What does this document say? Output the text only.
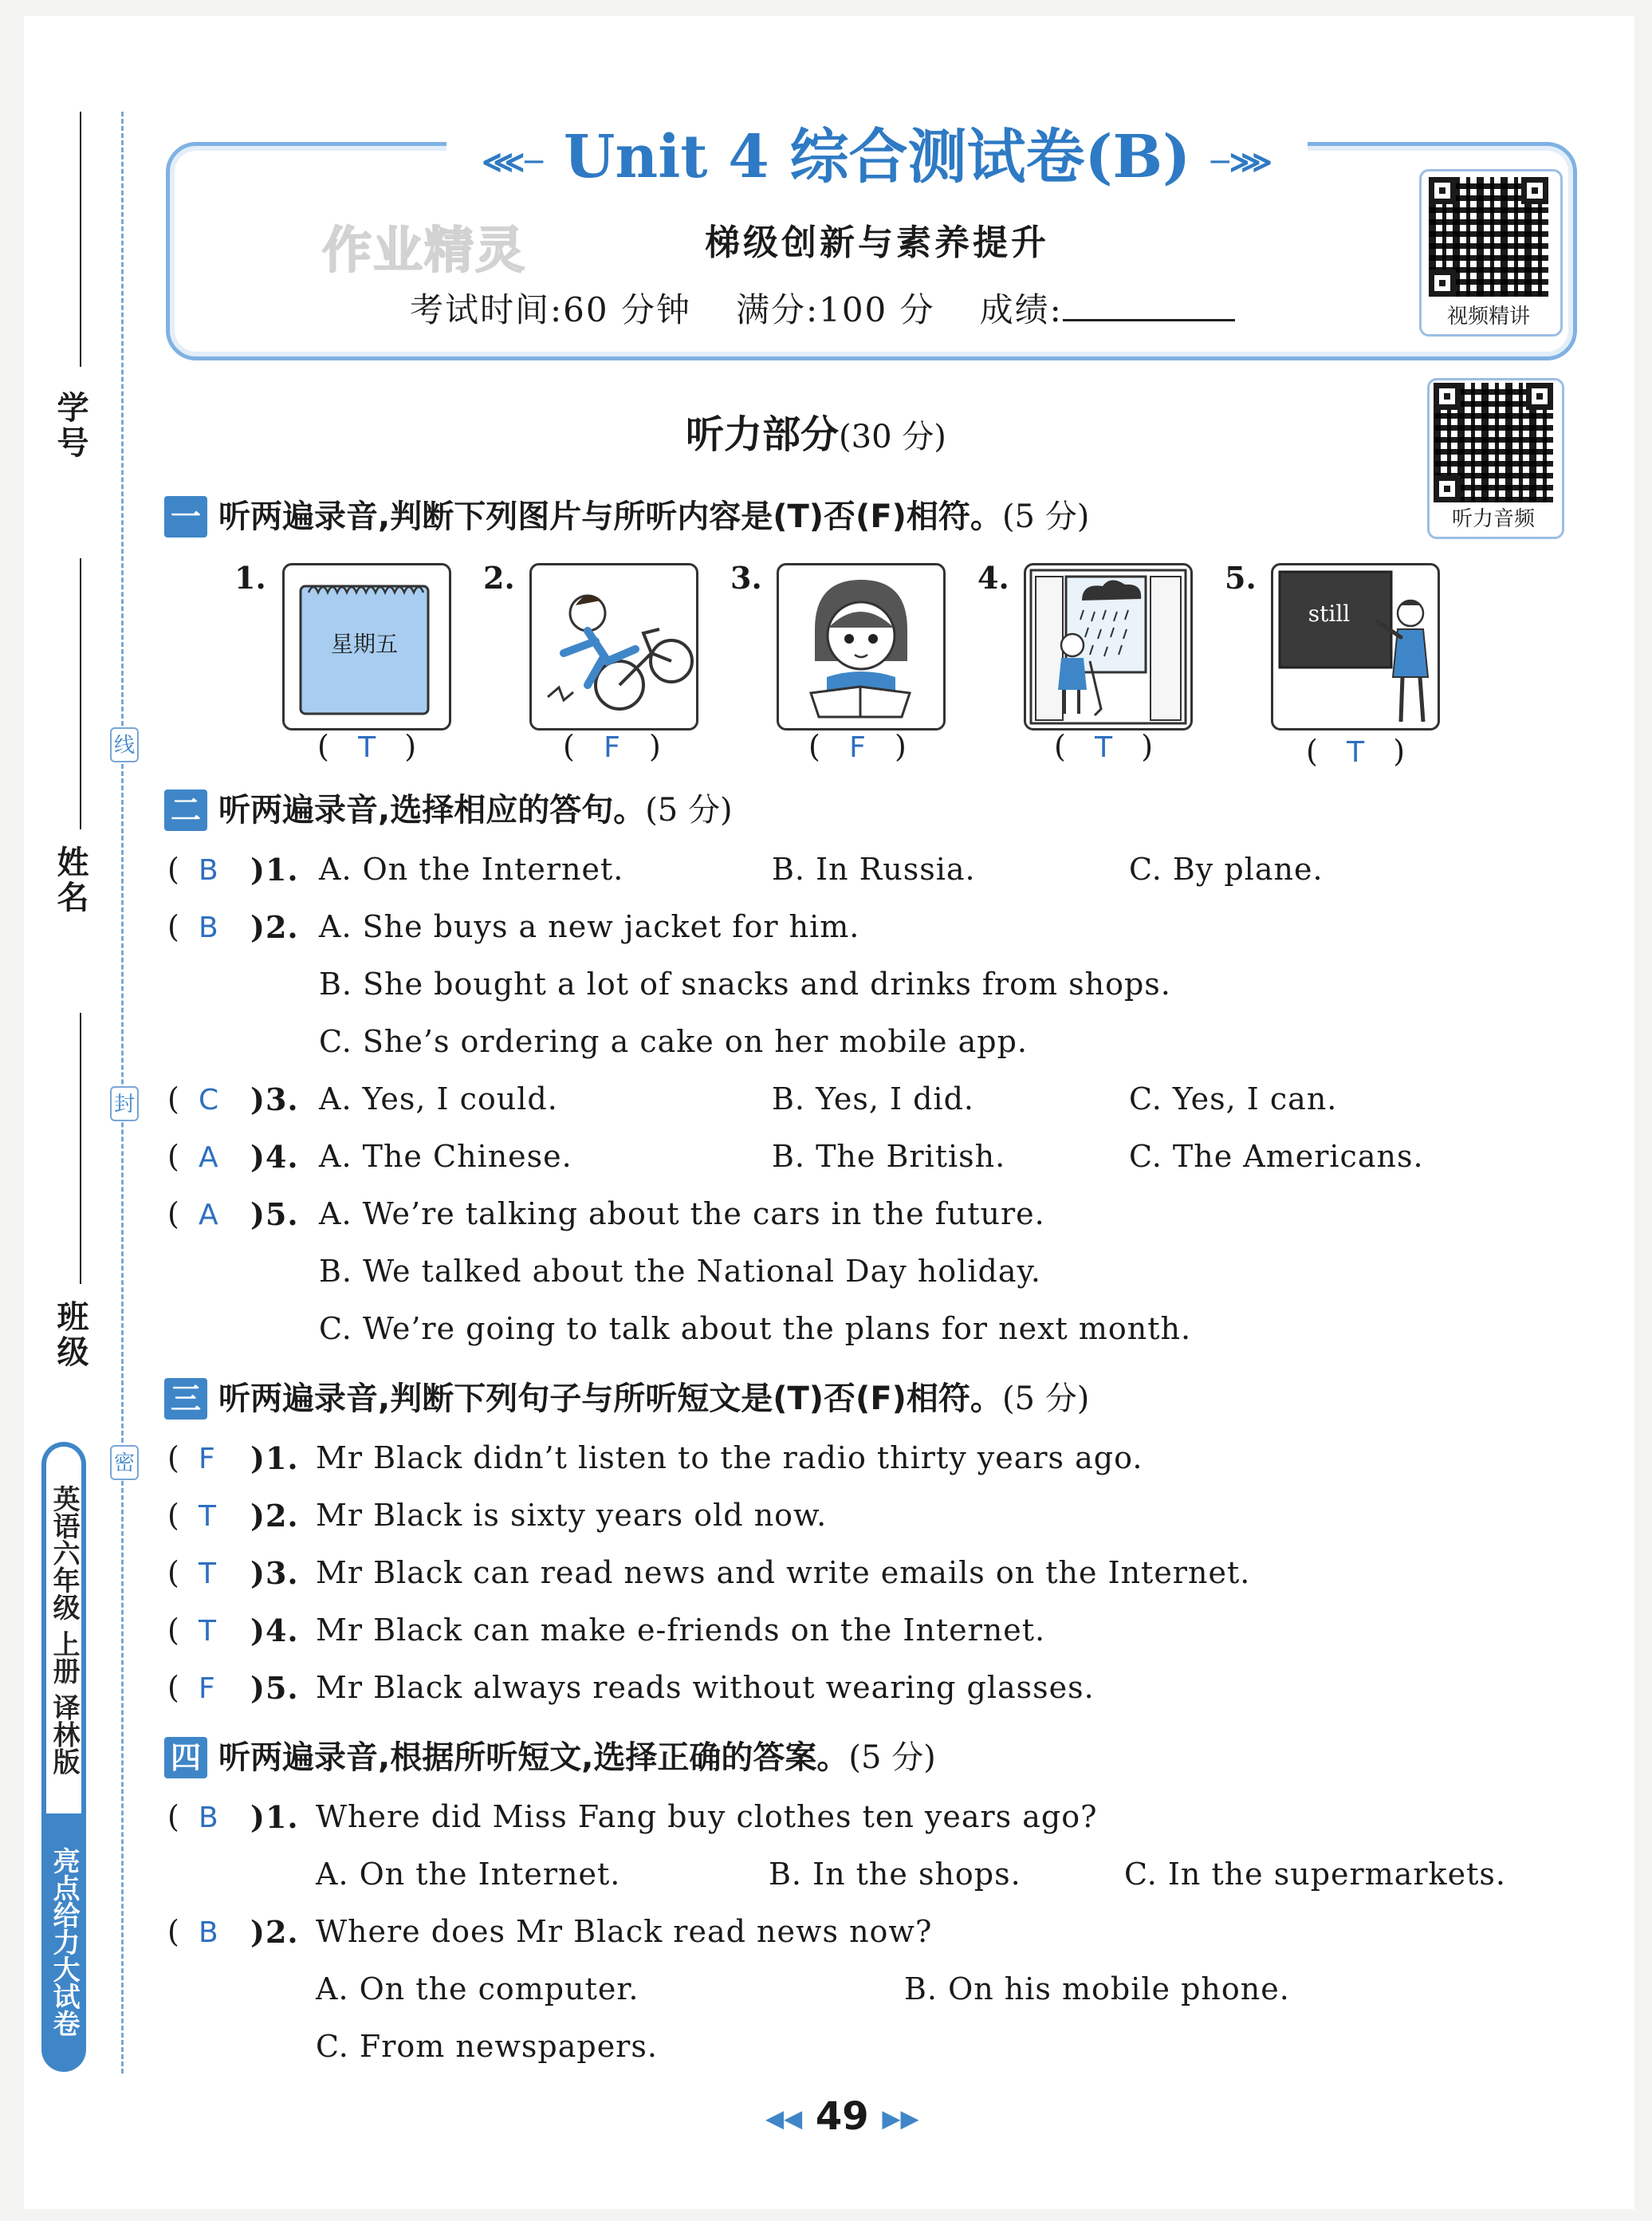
学号
姓名
班级
线
封
密
英语六年级 上册 译林版
亮点给力大试卷
⋘─ Unit 4 综合测试卷(B) ─⋙
作业精灵	梯级创新与素养提升
考试时间:60 分钟 满分:100 分 成绩:	视频精讲
听力音频
听力部分(30 分)
一 听两遍录音,判断下列图片与所听内容是(T)否(F)相符。(5 分)
1.
星期五
(   T   )
2.
(   F   )
3.
(   F   )
4.
(   T   )
5.
still
(   T   )
二 听两遍录音,选择相应的答句。(5 分)
(  B	)1. A. On the Internet.	B. In Russia.	C. By plane.
(  B	)2. A. She buys a new jacket for him.
B. She bought a lot of snacks and drinks from shops.
C. She’s ordering a cake on her mobile app.
(  C	)3. A. Yes, I could.	B. Yes, I did.	C. Yes, I can.
(  A	)4. A. The Chinese.	B. The British.	C. The Americans.
(  A	)5. A. We’re talking about the cars in the future.
B. We talked about the National Day holiday.
C. We’re going to talk about the plans for next month.
三 听两遍录音,判断下列句子与所听短文是(T)否(F)相符。(5 分)
(  F	)1. Mr Black didn’t listen to the radio thirty years ago.
(  T	)2. Mr Black is sixty years old now.
(  T	)3. Mr Black can read news and write emails on the Internet.
(  T	)4. Mr Black can make e-friends on the Internet.
(  F	)5. Mr Black always reads without wearing glasses.
四 听两遍录音,根据所听短文,选择正确的答案。(5 分)
(  B	)1. Where did Miss Fang buy clothes ten years ago?
A. On the Internet.	B. In the shops.	C. In the supermarkets.
(  B	)2. Where does Mr Black read news now?
A. On the computer.	B. On his mobile phone.
C. From newspapers.
◀◀ 49 ▶▶
